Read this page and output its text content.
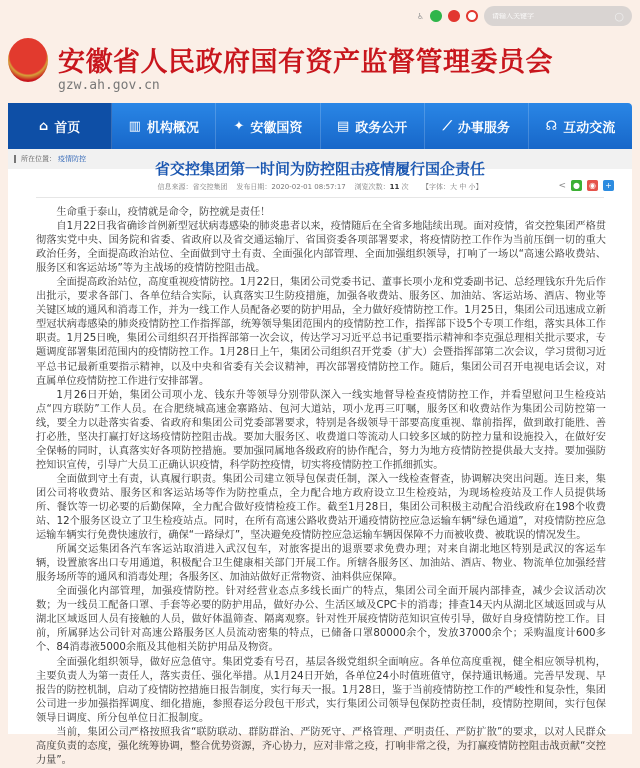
♿
请输入关键字	○
安徽省人民政府国有资产监督管理委员会
gzw.ah.gov.cn
⌂ 首页	▥ 机构概况	✦ 安徽国资	▤ 政务公开	⟋ 办事服务	☊ 互动交流
所在位置： 疫情防控
省交控集团第一时间为防控阻击疫情履行国企责任
信息来源：省交控集团 发布日期：2020-02-01 08:57:17 浏览次数：11 次 【字体：大 中 小】	< ● ◉ +

生命重于泰山，疫情就是命令，防控就是责任！

自1月22日我省确诊首例新型冠状病毒感染的肺炎患者以来，疫情随后在全省多地陆续出现。面对疫情，省交控集团严格贯彻落实党中央、国务院和省委、省政府以及省交通运输厅、省国资委各项部署要求，将疫情防控工作作为当前压倒一切的重大政治任务，全面提高政治站位、全面做到守土有责、全面强化内部管理、全面加强组织领导，打响了一场以“高速公路收费站、服务区和客运站场”等为主战场的疫情防控阻击战。

全面提高政治站位，高度重视疫情防控。1月22日，集团公司党委书记、董事长项小龙和党委副书记、总经理钱东升先后作出批示，要求各部门、各单位结合实际，认真落实卫生防疫措施，加强各收费站、服务区、加油站、客运站场、酒店、物业等关键区域的通风和消毒工作，并为一线工作人员配备必要的防护用品，全力做好疫情防控工作。1月25日，集团公司迅速成立新型冠状病毒感染的肺炎疫情防控工作指挥部，统筹领导集团范围内的疫情防控工作，指挥部下设5个专项工作组，落实具体工作职责。1月25日晚，集团公司组织召开指挥部第一次会议，传达学习习近平总书记重要指示精神和李克强总理相关批示要求，专题调度部署集团范围内的疫情防控工作。1月28日上午，集团公司组织召开党委（扩大）会暨指挥部第二次会议，学习贯彻习近平总书记最新重要指示精神，以及中央和省委有关会议精神，再次部署疫情防控工作。随后，集团公司召开电视电话会议，对直属单位疫情防控工作进行安排部署。

1月26日开始，集团公司项小龙、钱东升等领导分别带队深入一线实地督导检查疫情防控工作，并看望慰问卫生检疫站点“四方联防”工作人员。在合肥绕城高速金寨路站、包河大道站，项小龙再三叮嘱，服务区和收费站作为集团公司防控第一线，要全力以赴落实省委、省政府和集团公司党委部署要求，特别是各级领导干部要高度重视、靠前指挥，做到敢打能胜、善打必胜，坚决打赢打好这场疫情防控阻击战。要加大服务区、收费道口等流动人口较多区域的防控力量和设施投入，在做好安全保畅的同时，认真落实好各项防控措施。要加强同属地各级政府的协作配合，努力为地方疫情防控提供最大支持。要加强防控知识宣传，引导广大员工正确认识疫情，科学防控疫情，切实将疫情防控工作抓细抓实。

全面做到守土有责，认真履行职责。集团公司建立领导包保责任制，深入一线检查督查，协调解决突出问题。连日来，集团公司将收费站、服务区和客运站场等作为防控重点，全力配合地方政府设立卫生检疫站，为现场检疫站及工作人员提供场所、餐饮等一切必要的后勤保障，全力配合做好疫情检疫工作。截至1月28日，集团公司积极主动配合沿线政府在198个收费站、12个服务区设立了卫生检疫站点。同时，在所有高速公路收费站开通疫情防控应急运输车辆“绿色通道”，对疫情防控应急运输车辆实行免费快速放行，确保“一路绿灯”，坚决避免疫情防控应急运输车辆因保障不力而被收费、被耽误的情况发生。

所属交运集团各汽车客运站取消进入武汉包车，对旅客提出的退票要求免费办理；对来自湖北地区特别是武汉的客运车辆，设置旅客出口专用通道，积极配合卫生健康相关部门开展工作。所辖各服务区、加油站、酒店、物业、物流单位加强经营服务场所等的通风和消毒处理；各服务区、加油站做好正常物资、油料供应保障。

全面强化内部管理，加强疫情防控。针对经营业态点多线长面广的特点，集团公司全面开展内部排查，减少会议活动次数；为一线员工配备口罩、手套等必要的防护用品，做好办公、生活区域及CPC卡的消毒；排查14天内从湖北区域返回或与从湖北区域返回人员有接触的人员，做好体温筛查、隔离观察。针对性开展疫情防范知识宣传引导，做好自身疫情防控工作。目前，所属驿达公司针对高速公路服务区人员流动密集的特点，已储备口罩80000余个，发放37000余个；采购温度计600多个、84消毒液5000余瓶及其他相关防护用品及物资。

全面强化组织领导，做好应急值守。集团党委有号召，基层各级党组织全面响应。各单位高度重视，健全相应领导机构，主要负责人为第一责任人，落实责任、强化举措。从1月24日开始，各单位24小时值班值守，保持通讯畅通。完善早发现、早报告的防控机制，启动了疫情防控措施日报告制度，实行每天一报。1月28日，鉴于当前疫情防控工作的严峻性和复杂性，集团公司进一步加强指挥调度、细化措施，参照春运分段包干形式，实行集团公司领导包保防控责任制，疫情防控期间，实行包保领导日调度、所分包单位日汇报制度。

当前，集团公司严格按照我省“联防联动、群防群治、严防死守、严格管理、严明责任、严防扩散”的要求，以对人民群众高度负责的态度，强化统筹协调，整合优势资源，齐心协力，应对非常之疫，打响非常之役，为打赢疫情防控阻击战贡献“交控力量”。
